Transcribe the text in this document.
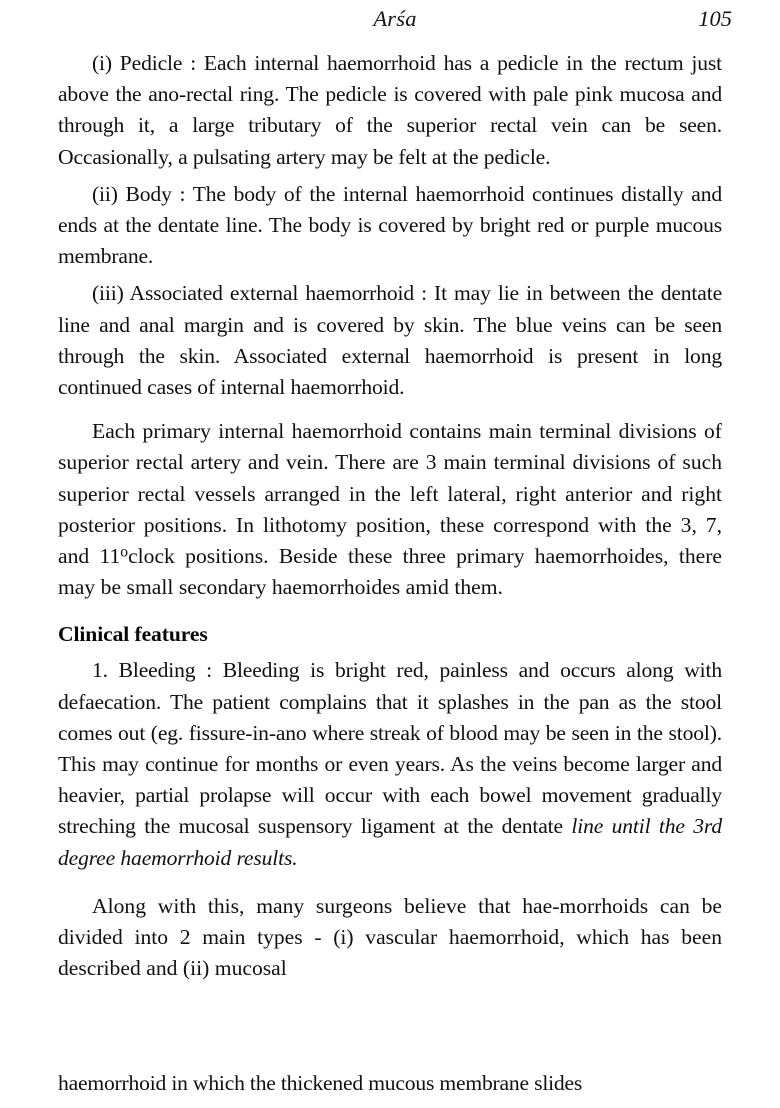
Arśa	105

(i) Pedicle : Each internal haemorrhoid has a pedicle in the rectum just above the ano-rectal ring. The pedicle is covered with pale pink mucosa and through it, a large tributary of the superior rectal vein can be seen. Occasionally, a pulsating artery may be felt at the pedicle.

(ii) Body : The body of the internal haemorrhoid continues distally and ends at the dentate line. The body is covered by bright red or purple mucous membrane.

(iii) Associated external haemorrhoid : It may lie in between the dentate line and anal margin and is covered by skin. The blue veins can be seen through the skin. Associated external haemorrhoid is present in long continued cases of internal haemorrhoid.

Each primary internal haemorrhoid contains main terminal divisions of superior rectal artery and vein. There are 3 main terminal divisions of such superior rectal vessels arranged in the left lateral, right anterior and right posterior positions. In lithotomy position, these correspond with the 3, 7, and 11$^o$clock positions. Beside these three primary haemorrhoides, there may be small secondary haemorrhoides amid them.

Clinical features

1. Bleeding : Bleeding is bright red, painless and occurs along with defaecation. The patient complains that it splashes in the pan as the stool comes out (eg. fissure-in-ano where streak of blood may be seen in the stool). This may continue for months or even years. As the veins become larger and heavier, partial prolapse will occur with each bowel movement gradually streching the mucosal suspensory ligament at the dentate line until the 3rd degree haemorrhoid results.

Along with this, many surgeons believe that hae-morrhoids can be divided into 2 main types - (i) vascular haemorrhoid, which has been described and (ii) mucosal

haemorrhoid in which the thickened mucous membrane slides
